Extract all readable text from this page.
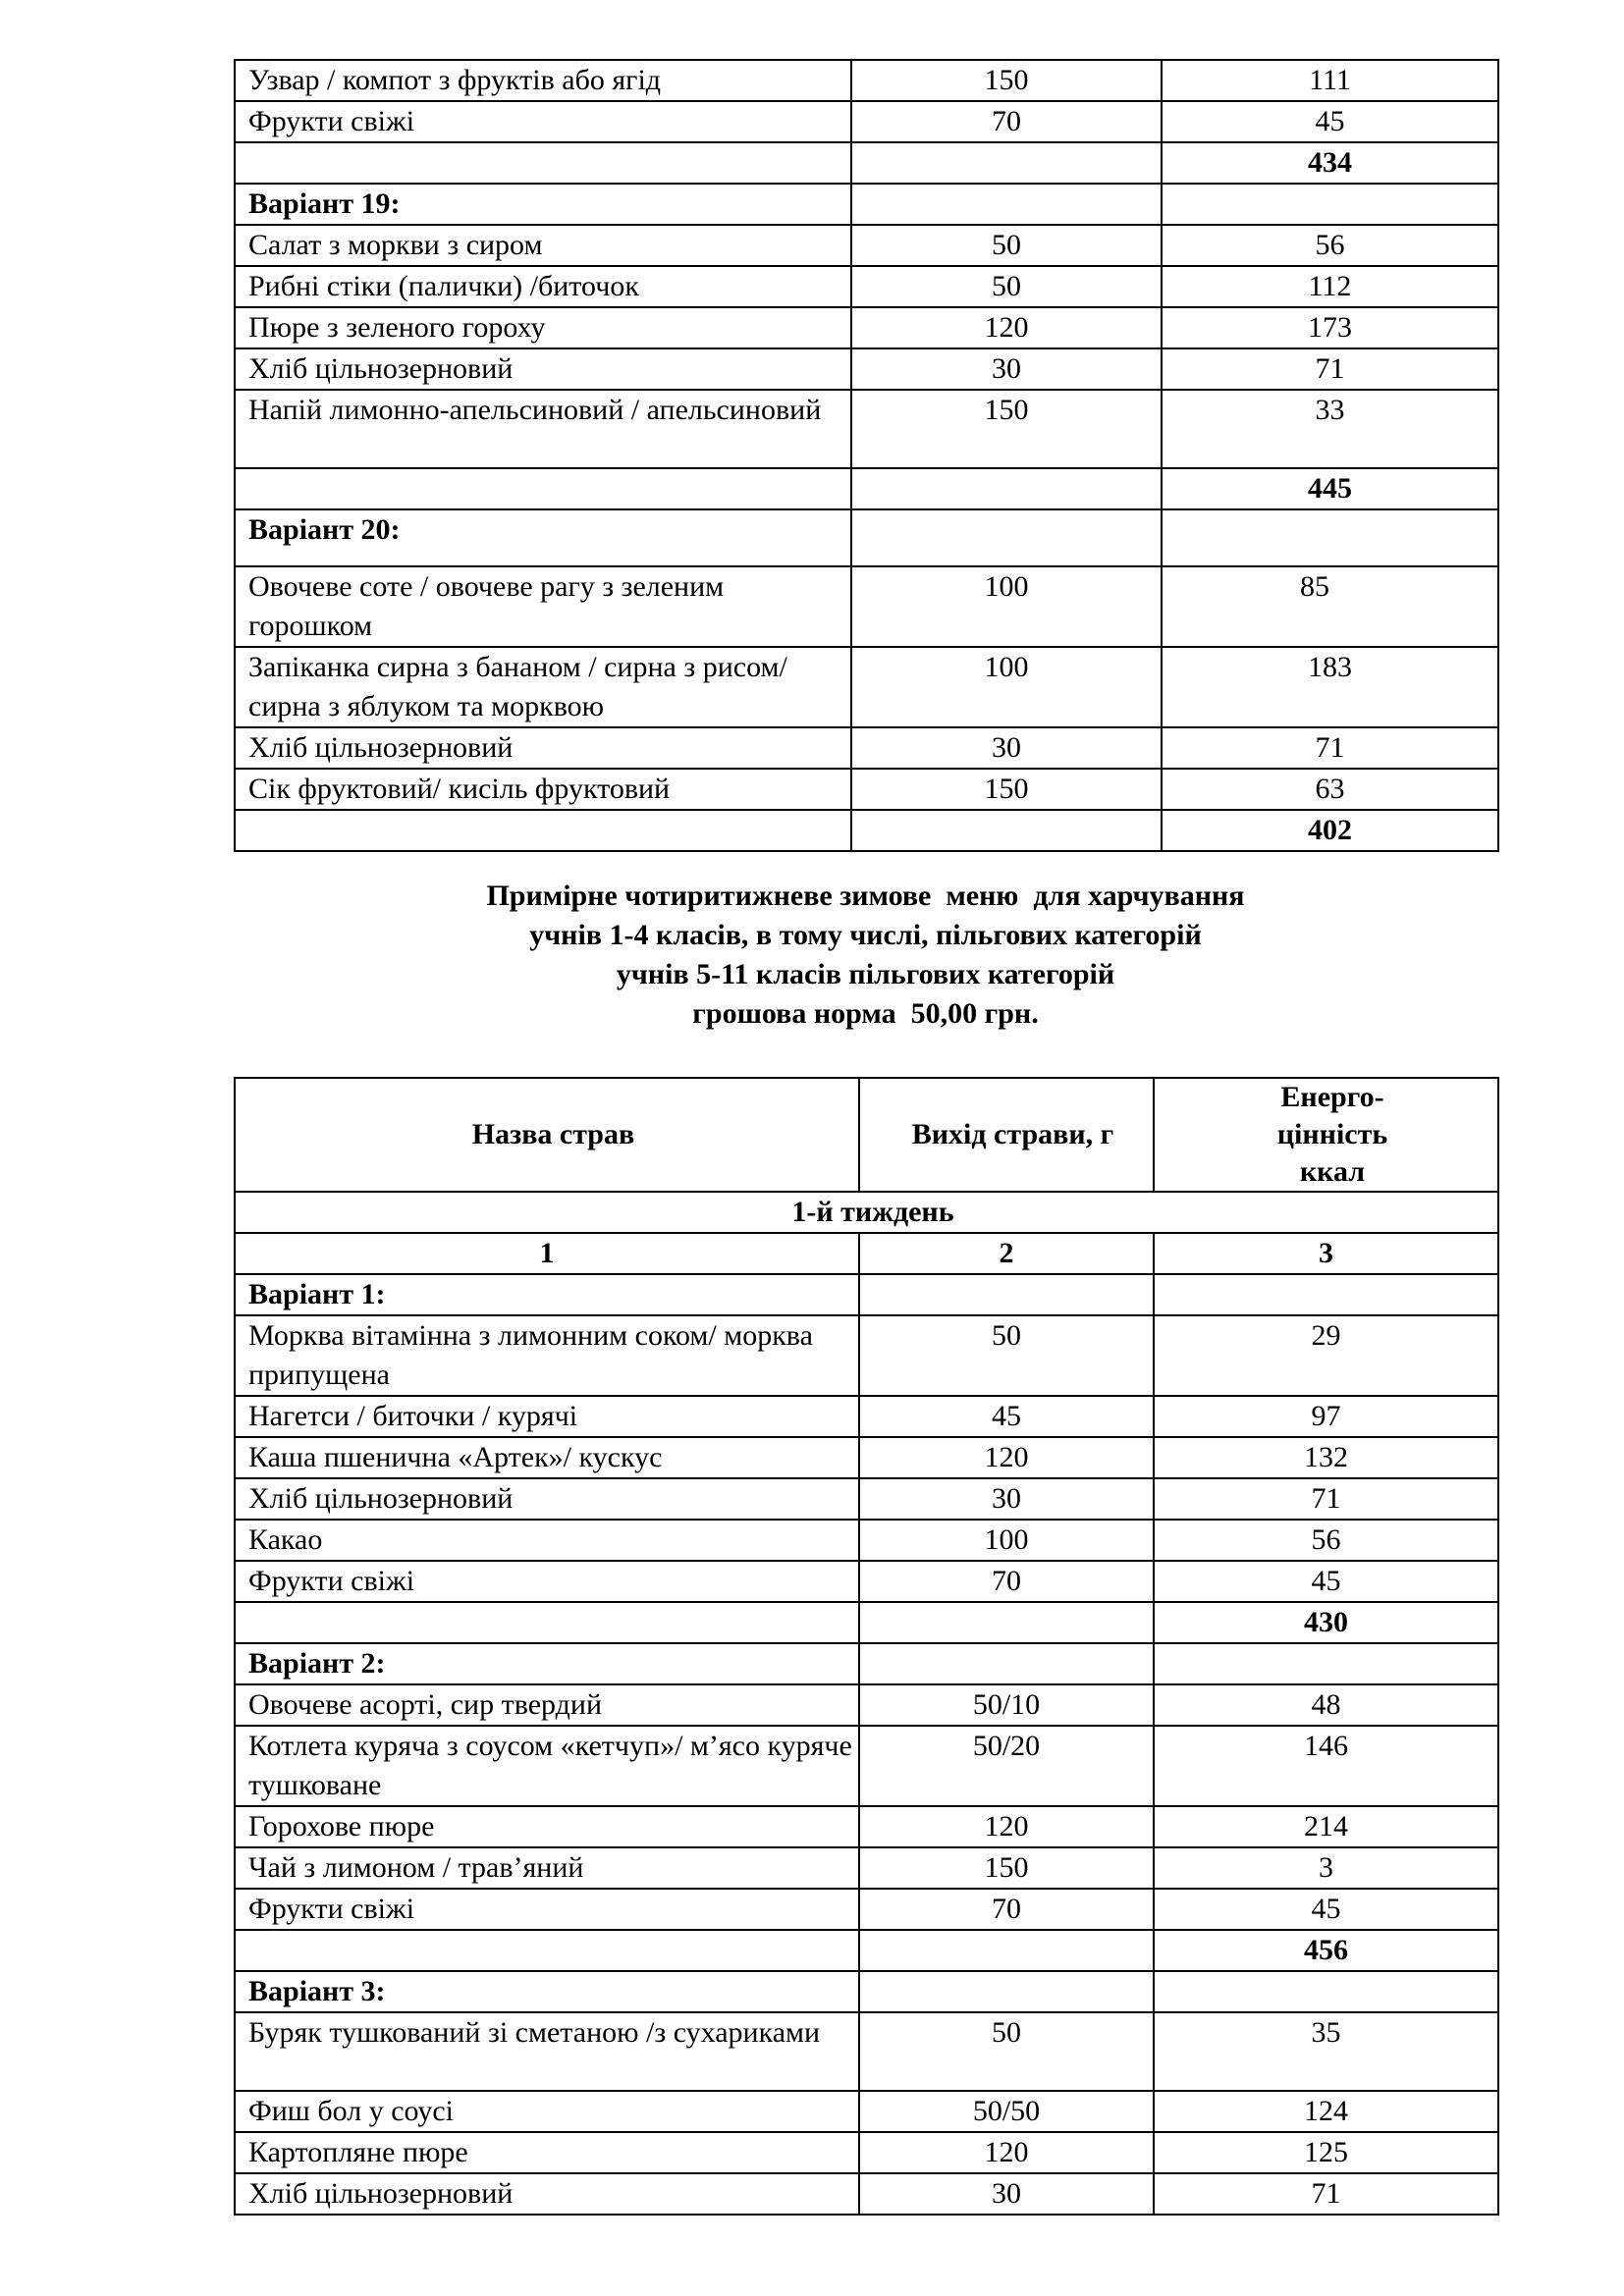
Узвар / компот з фруктів або ягід	150	111
Фрукти свіжі	70	45
		434
Варіант 19:		
Салат з моркви з сиром	50	56
Рибні стіки (палички) /биточок	50	112
Пюре з зеленого гороху	120	173
Хліб цільнозерновий	30	71
Напій лимонно-апельсиновий / апельсиновий	150	33
		445
Варіант 20:		
Овочеве соте / овочеве рагу з зеленим горошком	100	85
Запіканка сирна з бананом / сирна з рисом/ сирна з яблуком та морквою	100	183
Хліб цільнозерновий	30	71
Сік фруктовий/ кисіль фруктовий	150	63
		402
Примірне чотиритижневе зимове  меню  для харчування
учнів 1-4 класів, в тому числі, пільгових категорій
учнів 5-11 класів пільгових категорій
грошова норма  50,00 грн.
Назва страв	Вихід страви, г	Енерго-
цінність
ккал

1-й тиждень		
1	2	3
Варіант 1:		
Морква вітамінна з лимонним соком/ морква припущена	50	29
Нагетси / биточки / курячі	45	97
Каша пшенична «Артек»/ кускус	120	132
Хліб цільнозерновий	30	71
Какао	100	56
Фрукти свіжі	70	45
		430
Варіант 2:		
Овочеве асорті, сир твердий	50/10	48
Котлета куряча з соусом «кетчуп»/ м’ясо куряче тушковане	50/20	146
Горохове пюре	120	214
Чай з лимоном / трав’яний	150	3
Фрукти свіжі	70	45
		456
Варіант 3:		
Буряк тушкований зі сметаною /з сухариками	50	35
Фиш бол у соусі	50/50	124
Картопляне пюре	120	125
Хліб цільнозерновий	30	71
